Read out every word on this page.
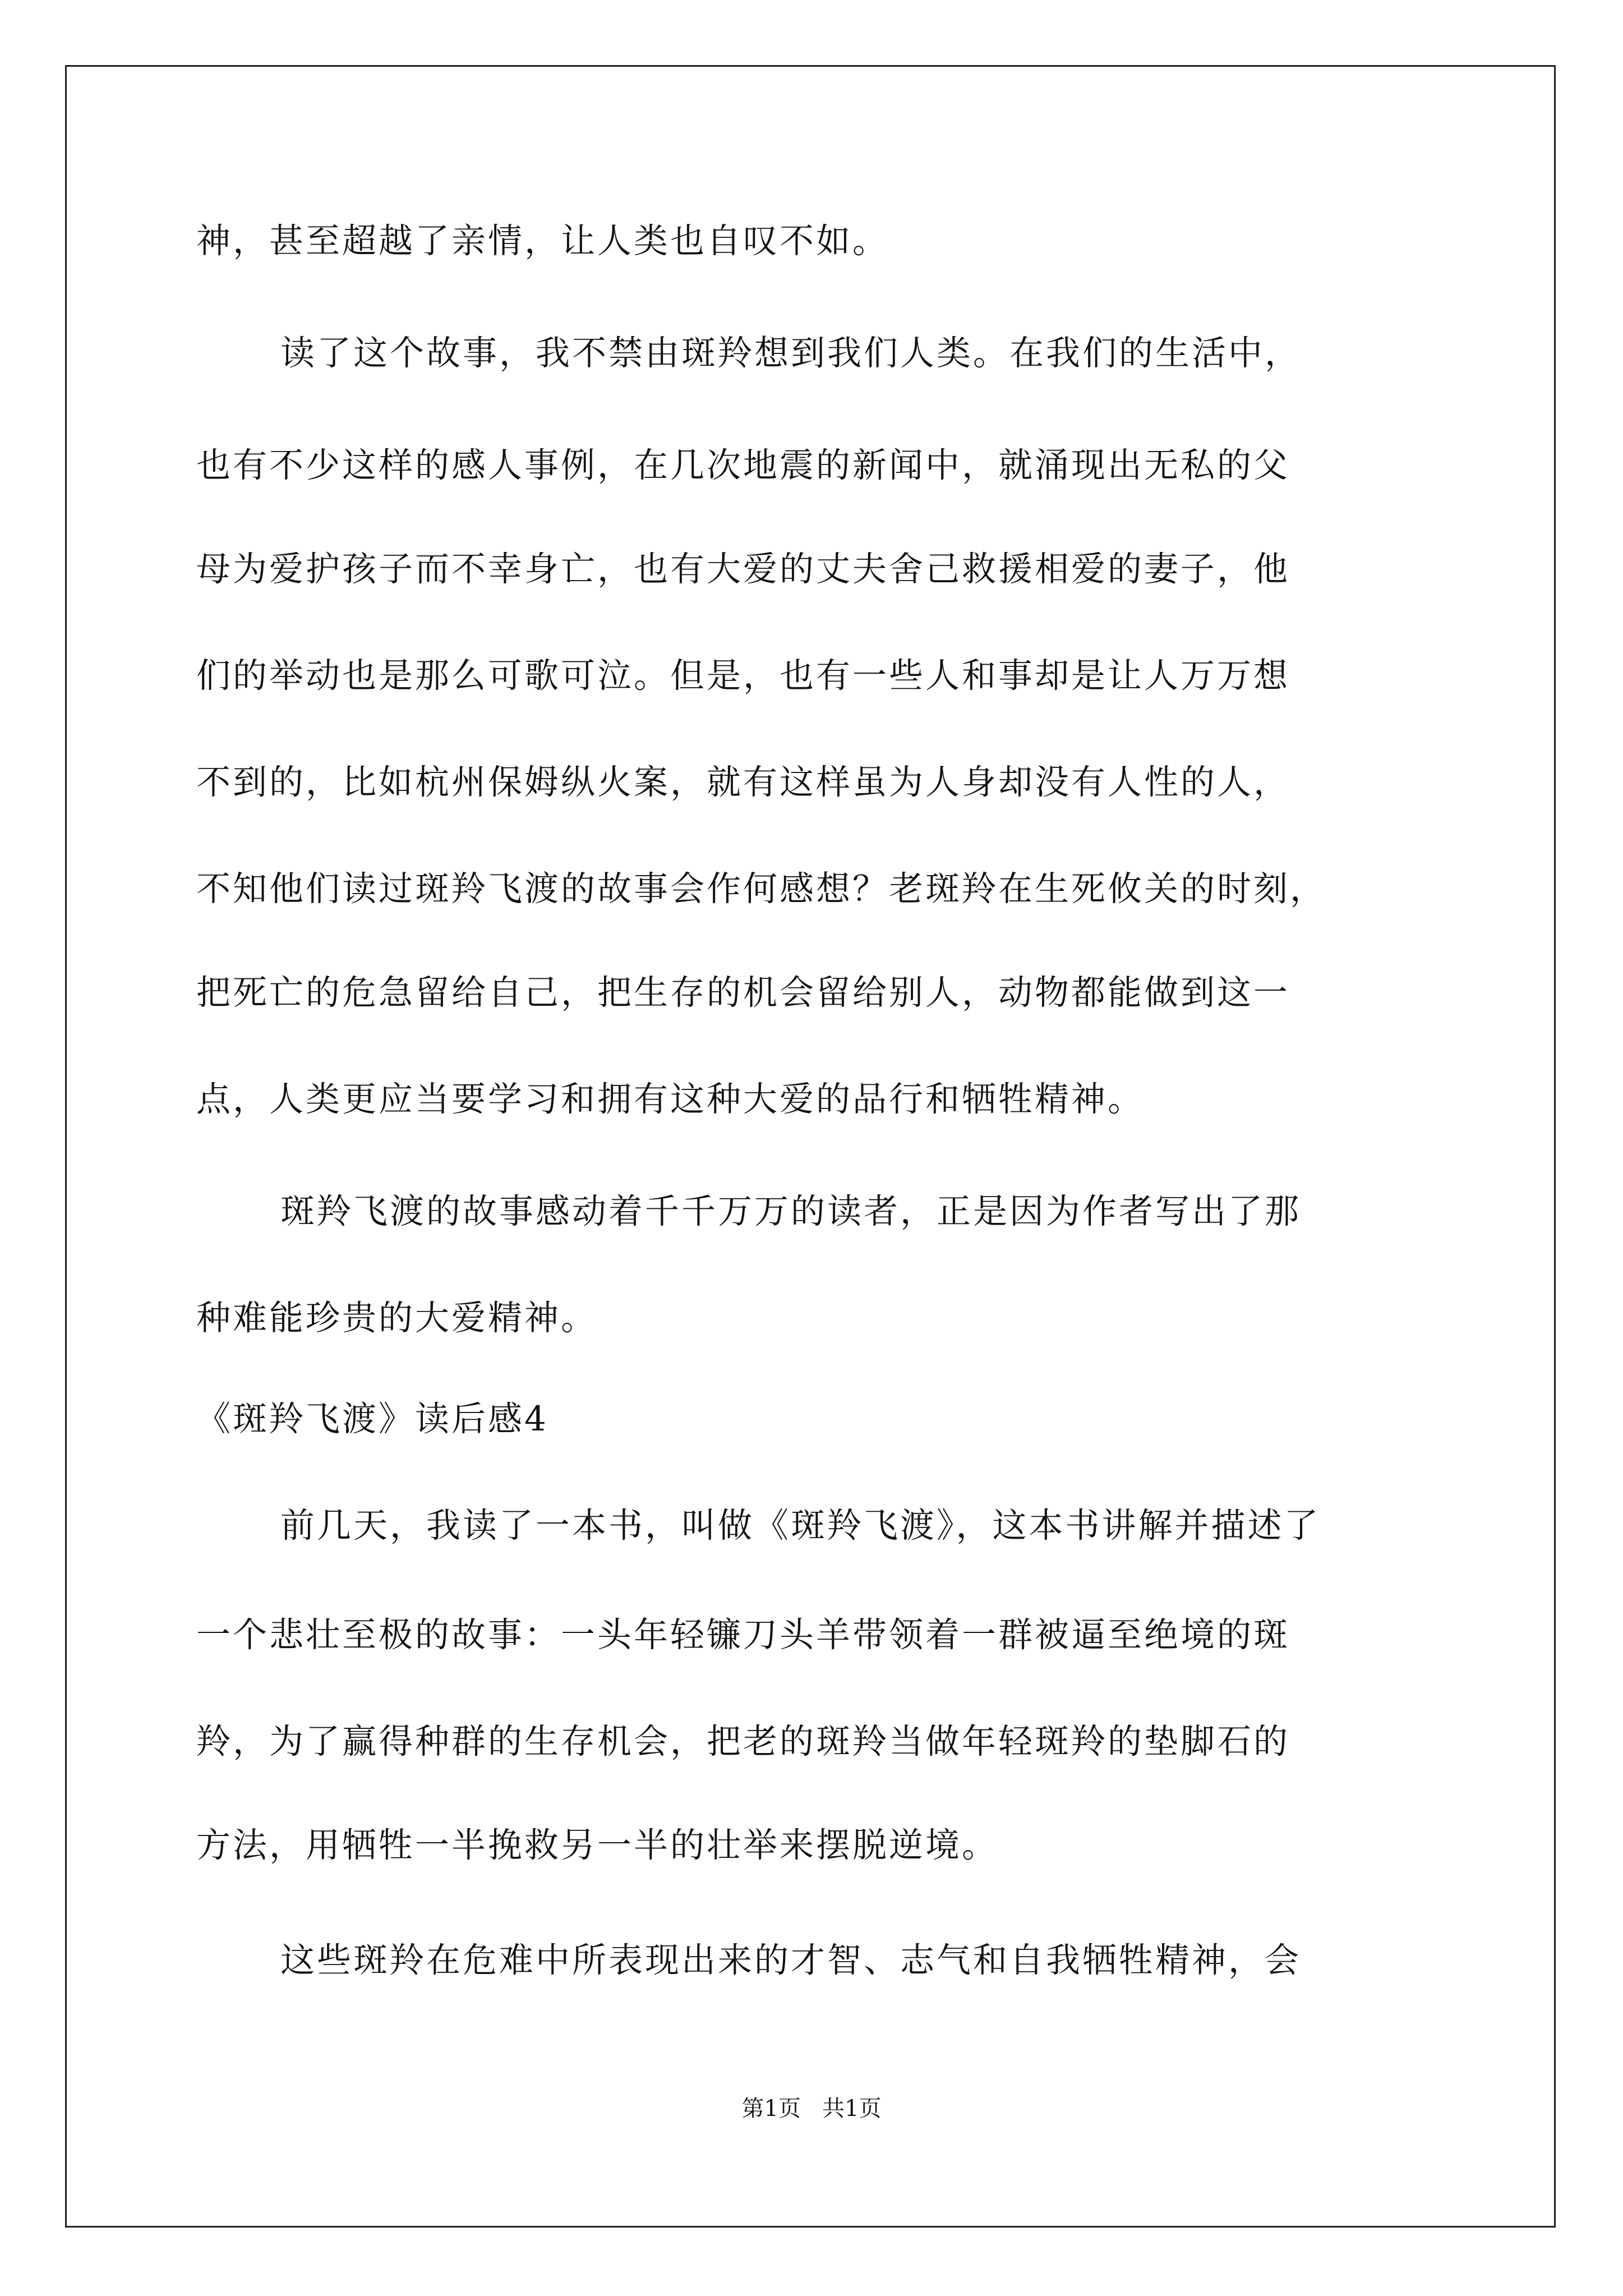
神，甚至超越了亲情，让人类也自叹不如。
读了这个故事，我不禁由斑羚想到我们人类。在我们的生活中，
也有不少这样的感人事例，在几次地震的新闻中，就涌现出无私的父
母为爱护孩子而不幸身亡，也有大爱的丈夫舍己救援相爱的妻子，他
们的举动也是那么可歌可泣。但是，也有一些人和事却是让人万万想
不到的，比如杭州保姆纵火案，就有这样虽为人身却没有人性的人，
不知他们读过斑羚飞渡的故事会作何感想？老斑羚在生死攸关的时刻，
把死亡的危急留给自己，把生存的机会留给别人，动物都能做到这一
点，人类更应当要学习和拥有这种大爱的品行和牺牲精神。
斑羚飞渡的故事感动着千千万万的读者，正是因为作者写出了那
种难能珍贵的大爱精神。
《斑羚飞渡》读后感4
前几天，我读了一本书，叫做《斑羚飞渡》，这本书讲解并描述了
一个悲壮至极的故事：一头年轻镰刀头羊带领着一群被逼至绝境的斑
羚，为了赢得种群的生存机会，把老的斑羚当做年轻斑羚的垫脚石的
方法，用牺牲一半挽救另一半的壮举来摆脱逆境。
这些斑羚在危难中所表现出来的才智、志气和自我牺牲精神，会
第1页   共1页
